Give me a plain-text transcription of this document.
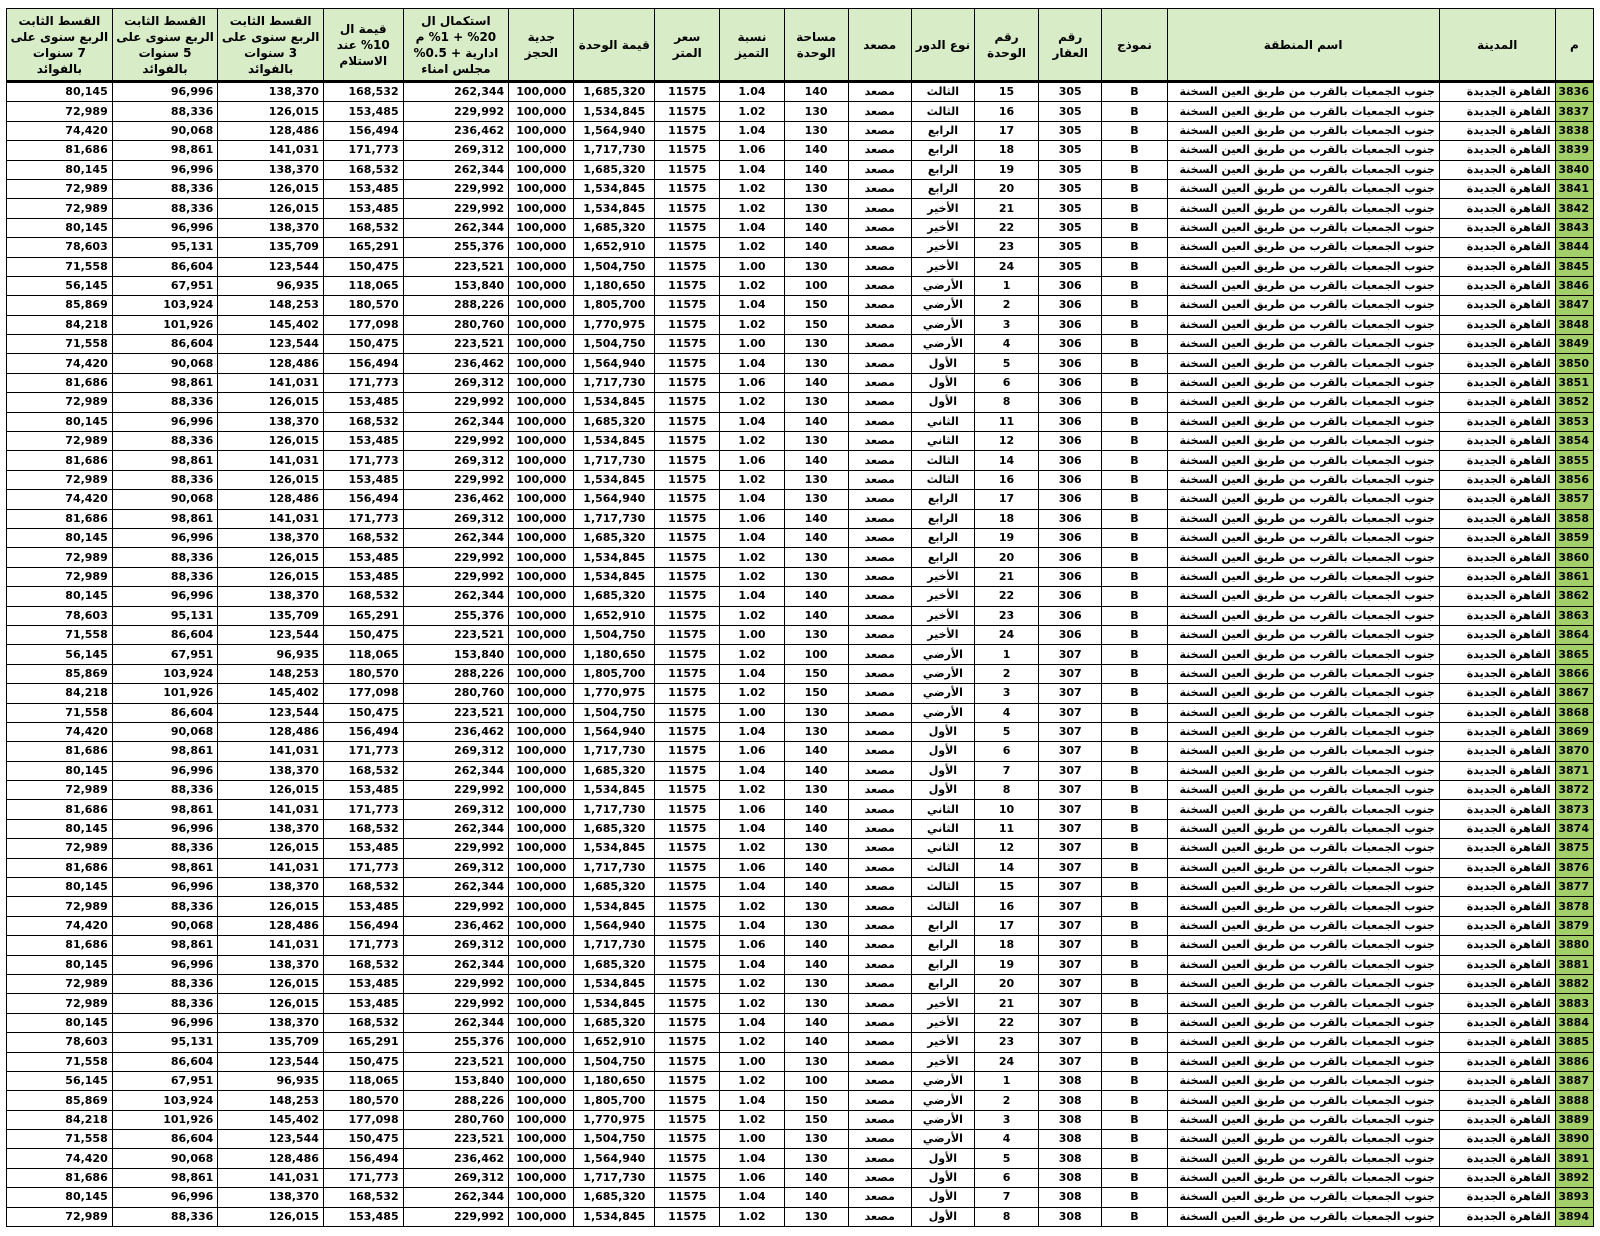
م	المدينة	اسم المنطقة	نموذج	رقم العقار	رقم الوحدة	نوع الدور	مصعد	مساحة الوحدة	نسبة التميز	سعر المتر	قيمة الوحدة	جدية الحجز	استكمال ال 20% + 1% م ادارية + 0.5% مجلس امناء	قيمة ال 10% عند الاستلام	القسط الثابت الربع سنوى على 3 سنوات بالفوائد	القسط الثابت الربع سنوى على 5 سنوات بالفوائد	القسط الثابت الربع سنوى على 7 سنوات بالفوائد
3836	القاهرة الجديدة	جنوب الجمعيات بالقرب من طريق العين السخنة	B	305	15	الثالث	مصعد	140	1.04	11575	1,685,320	100,000	262,344	168,532	138,370	96,996	80,145
3837	القاهرة الجديدة	جنوب الجمعيات بالقرب من طريق العين السخنة	B	305	16	الثالث	مصعد	130	1.02	11575	1,534,845	100,000	229,992	153,485	126,015	88,336	72,989
3838	القاهرة الجديدة	جنوب الجمعيات بالقرب من طريق العين السخنة	B	305	17	الرابع	مصعد	130	1.04	11575	1,564,940	100,000	236,462	156,494	128,486	90,068	74,420
3839	القاهرة الجديدة	جنوب الجمعيات بالقرب من طريق العين السخنة	B	305	18	الرابع	مصعد	140	1.06	11575	1,717,730	100,000	269,312	171,773	141,031	98,861	81,686
3840	القاهرة الجديدة	جنوب الجمعيات بالقرب من طريق العين السخنة	B	305	19	الرابع	مصعد	140	1.04	11575	1,685,320	100,000	262,344	168,532	138,370	96,996	80,145
3841	القاهرة الجديدة	جنوب الجمعيات بالقرب من طريق العين السخنة	B	305	20	الرابع	مصعد	130	1.02	11575	1,534,845	100,000	229,992	153,485	126,015	88,336	72,989
3842	القاهرة الجديدة	جنوب الجمعيات بالقرب من طريق العين السخنة	B	305	21	الأخير	مصعد	130	1.02	11575	1,534,845	100,000	229,992	153,485	126,015	88,336	72,989
3843	القاهرة الجديدة	جنوب الجمعيات بالقرب من طريق العين السخنة	B	305	22	الأخير	مصعد	140	1.04	11575	1,685,320	100,000	262,344	168,532	138,370	96,996	80,145
3844	القاهرة الجديدة	جنوب الجمعيات بالقرب من طريق العين السخنة	B	305	23	الأخير	مصعد	140	1.02	11575	1,652,910	100,000	255,376	165,291	135,709	95,131	78,603
3845	القاهرة الجديدة	جنوب الجمعيات بالقرب من طريق العين السخنة	B	305	24	الأخير	مصعد	130	1.00	11575	1,504,750	100,000	223,521	150,475	123,544	86,604	71,558
3846	القاهرة الجديدة	جنوب الجمعيات بالقرب من طريق العين السخنة	B	306	1	الأرضي	مصعد	100	1.02	11575	1,180,650	100,000	153,840	118,065	96,935	67,951	56,145
3847	القاهرة الجديدة	جنوب الجمعيات بالقرب من طريق العين السخنة	B	306	2	الأرضي	مصعد	150	1.04	11575	1,805,700	100,000	288,226	180,570	148,253	103,924	85,869
3848	القاهرة الجديدة	جنوب الجمعيات بالقرب من طريق العين السخنة	B	306	3	الأرضي	مصعد	150	1.02	11575	1,770,975	100,000	280,760	177,098	145,402	101,926	84,218
3849	القاهرة الجديدة	جنوب الجمعيات بالقرب من طريق العين السخنة	B	306	4	الأرضي	مصعد	130	1.00	11575	1,504,750	100,000	223,521	150,475	123,544	86,604	71,558
3850	القاهرة الجديدة	جنوب الجمعيات بالقرب من طريق العين السخنة	B	306	5	الأول	مصعد	130	1.04	11575	1,564,940	100,000	236,462	156,494	128,486	90,068	74,420
3851	القاهرة الجديدة	جنوب الجمعيات بالقرب من طريق العين السخنة	B	306	6	الأول	مصعد	140	1.06	11575	1,717,730	100,000	269,312	171,773	141,031	98,861	81,686
3852	القاهرة الجديدة	جنوب الجمعيات بالقرب من طريق العين السخنة	B	306	8	الأول	مصعد	130	1.02	11575	1,534,845	100,000	229,992	153,485	126,015	88,336	72,989
3853	القاهرة الجديدة	جنوب الجمعيات بالقرب من طريق العين السخنة	B	306	11	الثاني	مصعد	140	1.04	11575	1,685,320	100,000	262,344	168,532	138,370	96,996	80,145
3854	القاهرة الجديدة	جنوب الجمعيات بالقرب من طريق العين السخنة	B	306	12	الثاني	مصعد	130	1.02	11575	1,534,845	100,000	229,992	153,485	126,015	88,336	72,989
3855	القاهرة الجديدة	جنوب الجمعيات بالقرب من طريق العين السخنة	B	306	14	الثالث	مصعد	140	1.06	11575	1,717,730	100,000	269,312	171,773	141,031	98,861	81,686
3856	القاهرة الجديدة	جنوب الجمعيات بالقرب من طريق العين السخنة	B	306	16	الثالث	مصعد	130	1.02	11575	1,534,845	100,000	229,992	153,485	126,015	88,336	72,989
3857	القاهرة الجديدة	جنوب الجمعيات بالقرب من طريق العين السخنة	B	306	17	الرابع	مصعد	130	1.04	11575	1,564,940	100,000	236,462	156,494	128,486	90,068	74,420
3858	القاهرة الجديدة	جنوب الجمعيات بالقرب من طريق العين السخنة	B	306	18	الرابع	مصعد	140	1.06	11575	1,717,730	100,000	269,312	171,773	141,031	98,861	81,686
3859	القاهرة الجديدة	جنوب الجمعيات بالقرب من طريق العين السخنة	B	306	19	الرابع	مصعد	140	1.04	11575	1,685,320	100,000	262,344	168,532	138,370	96,996	80,145
3860	القاهرة الجديدة	جنوب الجمعيات بالقرب من طريق العين السخنة	B	306	20	الرابع	مصعد	130	1.02	11575	1,534,845	100,000	229,992	153,485	126,015	88,336	72,989
3861	القاهرة الجديدة	جنوب الجمعيات بالقرب من طريق العين السخنة	B	306	21	الأخير	مصعد	130	1.02	11575	1,534,845	100,000	229,992	153,485	126,015	88,336	72,989
3862	القاهرة الجديدة	جنوب الجمعيات بالقرب من طريق العين السخنة	B	306	22	الأخير	مصعد	140	1.04	11575	1,685,320	100,000	262,344	168,532	138,370	96,996	80,145
3863	القاهرة الجديدة	جنوب الجمعيات بالقرب من طريق العين السخنة	B	306	23	الأخير	مصعد	140	1.02	11575	1,652,910	100,000	255,376	165,291	135,709	95,131	78,603
3864	القاهرة الجديدة	جنوب الجمعيات بالقرب من طريق العين السخنة	B	306	24	الأخير	مصعد	130	1.00	11575	1,504,750	100,000	223,521	150,475	123,544	86,604	71,558
3865	القاهرة الجديدة	جنوب الجمعيات بالقرب من طريق العين السخنة	B	307	1	الأرضي	مصعد	100	1.02	11575	1,180,650	100,000	153,840	118,065	96,935	67,951	56,145
3866	القاهرة الجديدة	جنوب الجمعيات بالقرب من طريق العين السخنة	B	307	2	الأرضي	مصعد	150	1.04	11575	1,805,700	100,000	288,226	180,570	148,253	103,924	85,869
3867	القاهرة الجديدة	جنوب الجمعيات بالقرب من طريق العين السخنة	B	307	3	الأرضي	مصعد	150	1.02	11575	1,770,975	100,000	280,760	177,098	145,402	101,926	84,218
3868	القاهرة الجديدة	جنوب الجمعيات بالقرب من طريق العين السخنة	B	307	4	الأرضي	مصعد	130	1.00	11575	1,504,750	100,000	223,521	150,475	123,544	86,604	71,558
3869	القاهرة الجديدة	جنوب الجمعيات بالقرب من طريق العين السخنة	B	307	5	الأول	مصعد	130	1.04	11575	1,564,940	100,000	236,462	156,494	128,486	90,068	74,420
3870	القاهرة الجديدة	جنوب الجمعيات بالقرب من طريق العين السخنة	B	307	6	الأول	مصعد	140	1.06	11575	1,717,730	100,000	269,312	171,773	141,031	98,861	81,686
3871	القاهرة الجديدة	جنوب الجمعيات بالقرب من طريق العين السخنة	B	307	7	الأول	مصعد	140	1.04	11575	1,685,320	100,000	262,344	168,532	138,370	96,996	80,145
3872	القاهرة الجديدة	جنوب الجمعيات بالقرب من طريق العين السخنة	B	307	8	الأول	مصعد	130	1.02	11575	1,534,845	100,000	229,992	153,485	126,015	88,336	72,989
3873	القاهرة الجديدة	جنوب الجمعيات بالقرب من طريق العين السخنة	B	307	10	الثاني	مصعد	140	1.06	11575	1,717,730	100,000	269,312	171,773	141,031	98,861	81,686
3874	القاهرة الجديدة	جنوب الجمعيات بالقرب من طريق العين السخنة	B	307	11	الثاني	مصعد	140	1.04	11575	1,685,320	100,000	262,344	168,532	138,370	96,996	80,145
3875	القاهرة الجديدة	جنوب الجمعيات بالقرب من طريق العين السخنة	B	307	12	الثاني	مصعد	130	1.02	11575	1,534,845	100,000	229,992	153,485	126,015	88,336	72,989
3876	القاهرة الجديدة	جنوب الجمعيات بالقرب من طريق العين السخنة	B	307	14	الثالث	مصعد	140	1.06	11575	1,717,730	100,000	269,312	171,773	141,031	98,861	81,686
3877	القاهرة الجديدة	جنوب الجمعيات بالقرب من طريق العين السخنة	B	307	15	الثالث	مصعد	140	1.04	11575	1,685,320	100,000	262,344	168,532	138,370	96,996	80,145
3878	القاهرة الجديدة	جنوب الجمعيات بالقرب من طريق العين السخنة	B	307	16	الثالث	مصعد	130	1.02	11575	1,534,845	100,000	229,992	153,485	126,015	88,336	72,989
3879	القاهرة الجديدة	جنوب الجمعيات بالقرب من طريق العين السخنة	B	307	17	الرابع	مصعد	130	1.04	11575	1,564,940	100,000	236,462	156,494	128,486	90,068	74,420
3880	القاهرة الجديدة	جنوب الجمعيات بالقرب من طريق العين السخنة	B	307	18	الرابع	مصعد	140	1.06	11575	1,717,730	100,000	269,312	171,773	141,031	98,861	81,686
3881	القاهرة الجديدة	جنوب الجمعيات بالقرب من طريق العين السخنة	B	307	19	الرابع	مصعد	140	1.04	11575	1,685,320	100,000	262,344	168,532	138,370	96,996	80,145
3882	القاهرة الجديدة	جنوب الجمعيات بالقرب من طريق العين السخنة	B	307	20	الرابع	مصعد	130	1.02	11575	1,534,845	100,000	229,992	153,485	126,015	88,336	72,989
3883	القاهرة الجديدة	جنوب الجمعيات بالقرب من طريق العين السخنة	B	307	21	الأخير	مصعد	130	1.02	11575	1,534,845	100,000	229,992	153,485	126,015	88,336	72,989
3884	القاهرة الجديدة	جنوب الجمعيات بالقرب من طريق العين السخنة	B	307	22	الأخير	مصعد	140	1.04	11575	1,685,320	100,000	262,344	168,532	138,370	96,996	80,145
3885	القاهرة الجديدة	جنوب الجمعيات بالقرب من طريق العين السخنة	B	307	23	الأخير	مصعد	140	1.02	11575	1,652,910	100,000	255,376	165,291	135,709	95,131	78,603
3886	القاهرة الجديدة	جنوب الجمعيات بالقرب من طريق العين السخنة	B	307	24	الأخير	مصعد	130	1.00	11575	1,504,750	100,000	223,521	150,475	123,544	86,604	71,558
3887	القاهرة الجديدة	جنوب الجمعيات بالقرب من طريق العين السخنة	B	308	1	الأرضي	مصعد	100	1.02	11575	1,180,650	100,000	153,840	118,065	96,935	67,951	56,145
3888	القاهرة الجديدة	جنوب الجمعيات بالقرب من طريق العين السخنة	B	308	2	الأرضي	مصعد	150	1.04	11575	1,805,700	100,000	288,226	180,570	148,253	103,924	85,869
3889	القاهرة الجديدة	جنوب الجمعيات بالقرب من طريق العين السخنة	B	308	3	الأرضي	مصعد	150	1.02	11575	1,770,975	100,000	280,760	177,098	145,402	101,926	84,218
3890	القاهرة الجديدة	جنوب الجمعيات بالقرب من طريق العين السخنة	B	308	4	الأرضي	مصعد	130	1.00	11575	1,504,750	100,000	223,521	150,475	123,544	86,604	71,558
3891	القاهرة الجديدة	جنوب الجمعيات بالقرب من طريق العين السخنة	B	308	5	الأول	مصعد	130	1.04	11575	1,564,940	100,000	236,462	156,494	128,486	90,068	74,420
3892	القاهرة الجديدة	جنوب الجمعيات بالقرب من طريق العين السخنة	B	308	6	الأول	مصعد	140	1.06	11575	1,717,730	100,000	269,312	171,773	141,031	98,861	81,686
3893	القاهرة الجديدة	جنوب الجمعيات بالقرب من طريق العين السخنة	B	308	7	الأول	مصعد	140	1.04	11575	1,685,320	100,000	262,344	168,532	138,370	96,996	80,145
3894	القاهرة الجديدة	جنوب الجمعيات بالقرب من طريق العين السخنة	B	308	8	الأول	مصعد	130	1.02	11575	1,534,845	100,000	229,992	153,485	126,015	88,336	72,989
